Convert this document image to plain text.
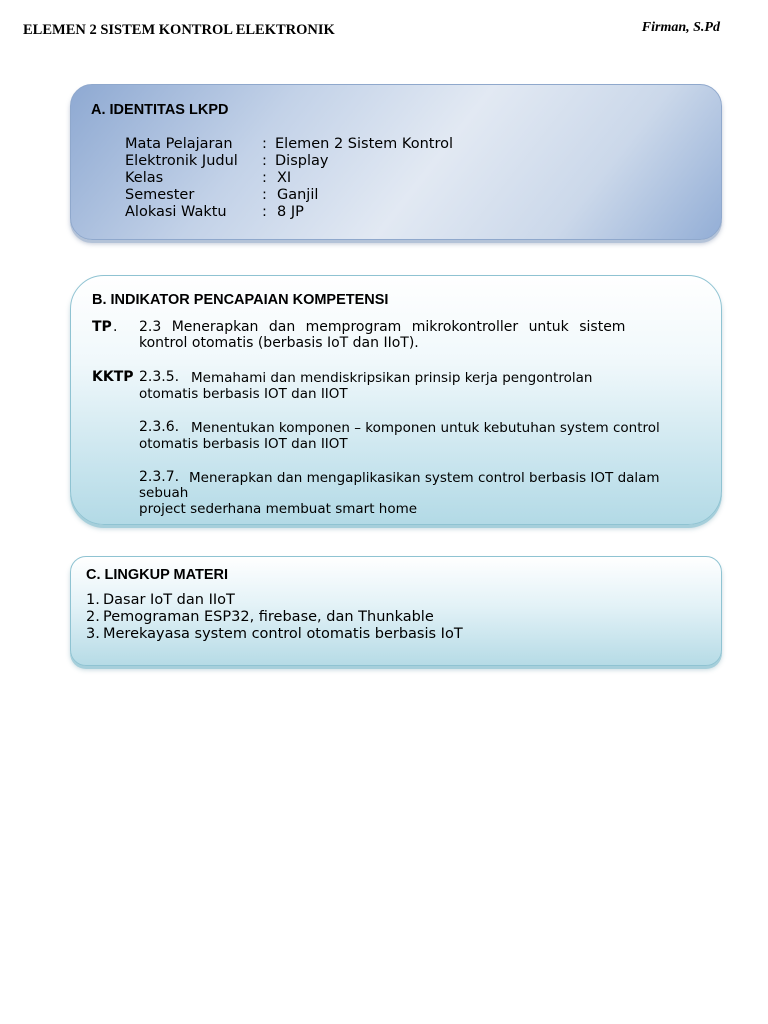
ELEMEN 2 SISTEM KONTROL ELEKTRONIK	Firman, S.Pd
A. IDENTITAS LKPD
Mata Pelajaran : Elemen 2 Sistem Kontrol
Elektronik Judul : Display
Kelas	: XI
Semester	: Ganjil
Alokasi Waktu : 8 JP
B. INDIKATOR PENCAPAIAN KOMPETENSI
TP . 2.3 Menerapkan dan memprogram mikrokontroller untuk sistem
kontrol otomatis (berbasis IoT dan IIoT).
KKTP 2.3.5. Memahami dan mendiskripsikan prinsip kerja pengontrolan
otomatis berbasis IOT dan IIOT
2.3.6. Menentukan komponen – komponen untuk kebutuhan system control
otomatis berbasis IOT dan IIOT
2.3.7. Menerapkan dan mengaplikasikan system control berbasis IOT dalam
sebuah
project sederhana membuat smart home
C. LINGKUP MATERI
1. Dasar IoT dan IIoT
2. Pemograman ESP32, firebase, dan Thunkable
3. Merekayasa system control otomatis berbasis IoT
